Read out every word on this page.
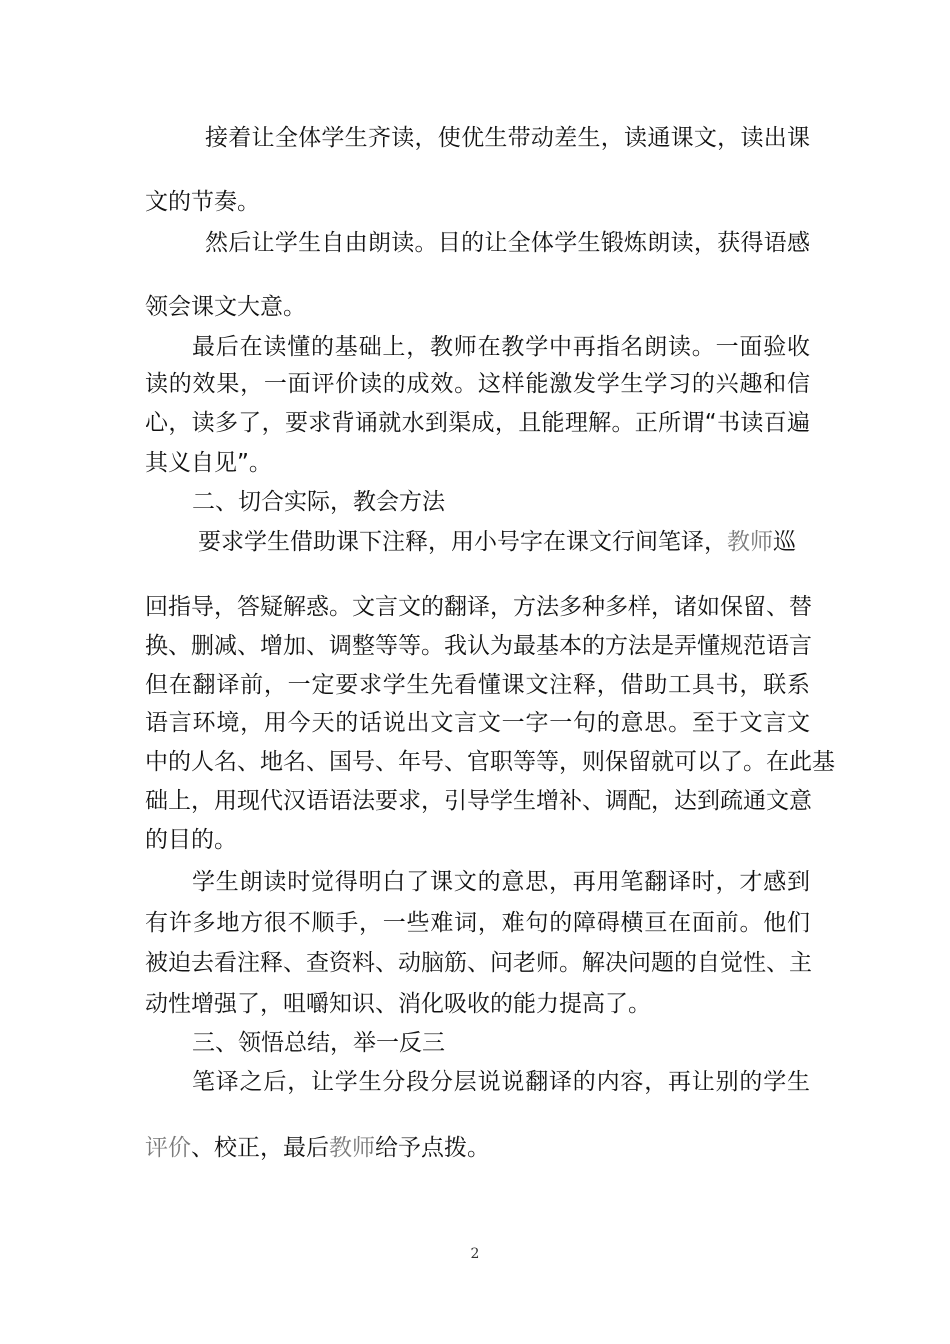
接着让全体学生齐读，使优生带动差生，读通课文，读出课
文的节奏。
然后让学生自由朗读。目的让全体学生锻炼朗读，获得语感
领会课文大意。
最后在读懂的基础上，教师在教学中再指名朗读。一面验收
读的效果，一面评价读的成效。这样能激发学生学习的兴趣和信
心，读多了，要求背诵就水到渠成，且能理解。正所谓“书读百遍
其义自见”。
二、切合实际，教会方法
要求学生借助课下注释，用小号字在课文行间笔译，教师巡
回指导，答疑解惑。文言文的翻译，方法多种多样，诸如保留、替
换、删减、增加、调整等等。我认为最基本的方法是弄懂规范语言
但在翻译前，一定要求学生先看懂课文注释，借助工具书，联系
语言环境，用今天的话说出文言文一字一句的意思。至于文言文
中的人名、地名、国号、年号、官职等等，则保留就可以了。在此基
础上，用现代汉语语法要求，引导学生增补、调配，达到疏通文意
的目的。
学生朗读时觉得明白了课文的意思，再用笔翻译时，才感到
有许多地方很不顺手，一些难词，难句的障碍横亘在面前。他们
被迫去看注释、查资料、动脑筋、问老师。解决问题的自觉性、主
动性增强了，咀嚼知识、消化吸收的能力提高了。
三、领悟总结，举一反三
笔译之后，让学生分段分层说说翻译的内容，再让别的学生
评价、校正，最后教师给予点拨。
2
